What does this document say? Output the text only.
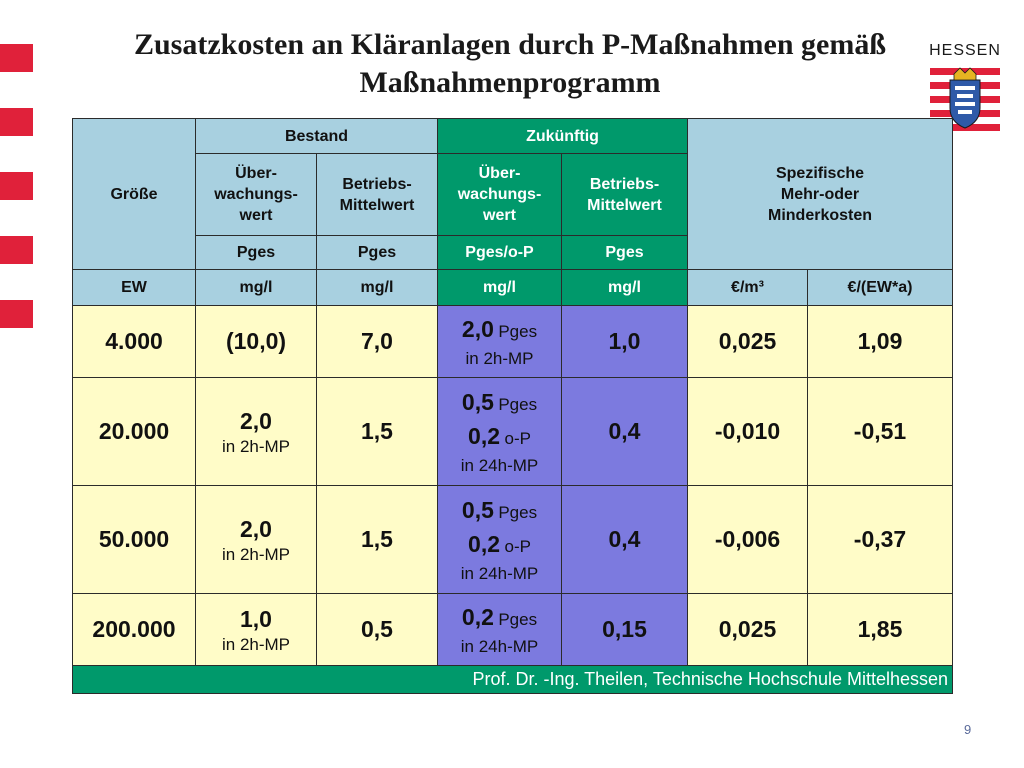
Zusatzkosten an Kläranlagen durch P-Maßnahmen gemäß
Maßnahmenprogramm
HESSEN
Größe	Bestand		Zukünftig		Spezifische
Mehr-oder
Minderkosten	

	Über-
wachungs-
wert	Betriebs-
Mittelwert	Über-
wachungs-
wert	Betriebs-
Mittelwert		

	Pges	Pges	Pges/o-P	Pges		
EW	mg/l	mg/l	mg/l	mg/l	€/m³	€/(EW*a)
4.000	(10,0)	7,0	2,0 Pges
in 2h-MP	1,0	0,025	1,09
20.000	2,0
in 2h-MP	1,5	0,5 Pges
0,2 o-P
in 24h-MP	0,4	-0,010	-0,51
50.000	2,0
in 2h-MP	1,5	0,5 Pges
0,2 o-P
in 24h-MP	0,4	-0,006	-0,37
200.000	1,0
in 2h-MP	0,5	0,2 Pges
in 24h-MP	0,15	0,025	1,85
Prof. Dr. -Ing. Theilen, Technische Hochschule Mittelhessen						
9
